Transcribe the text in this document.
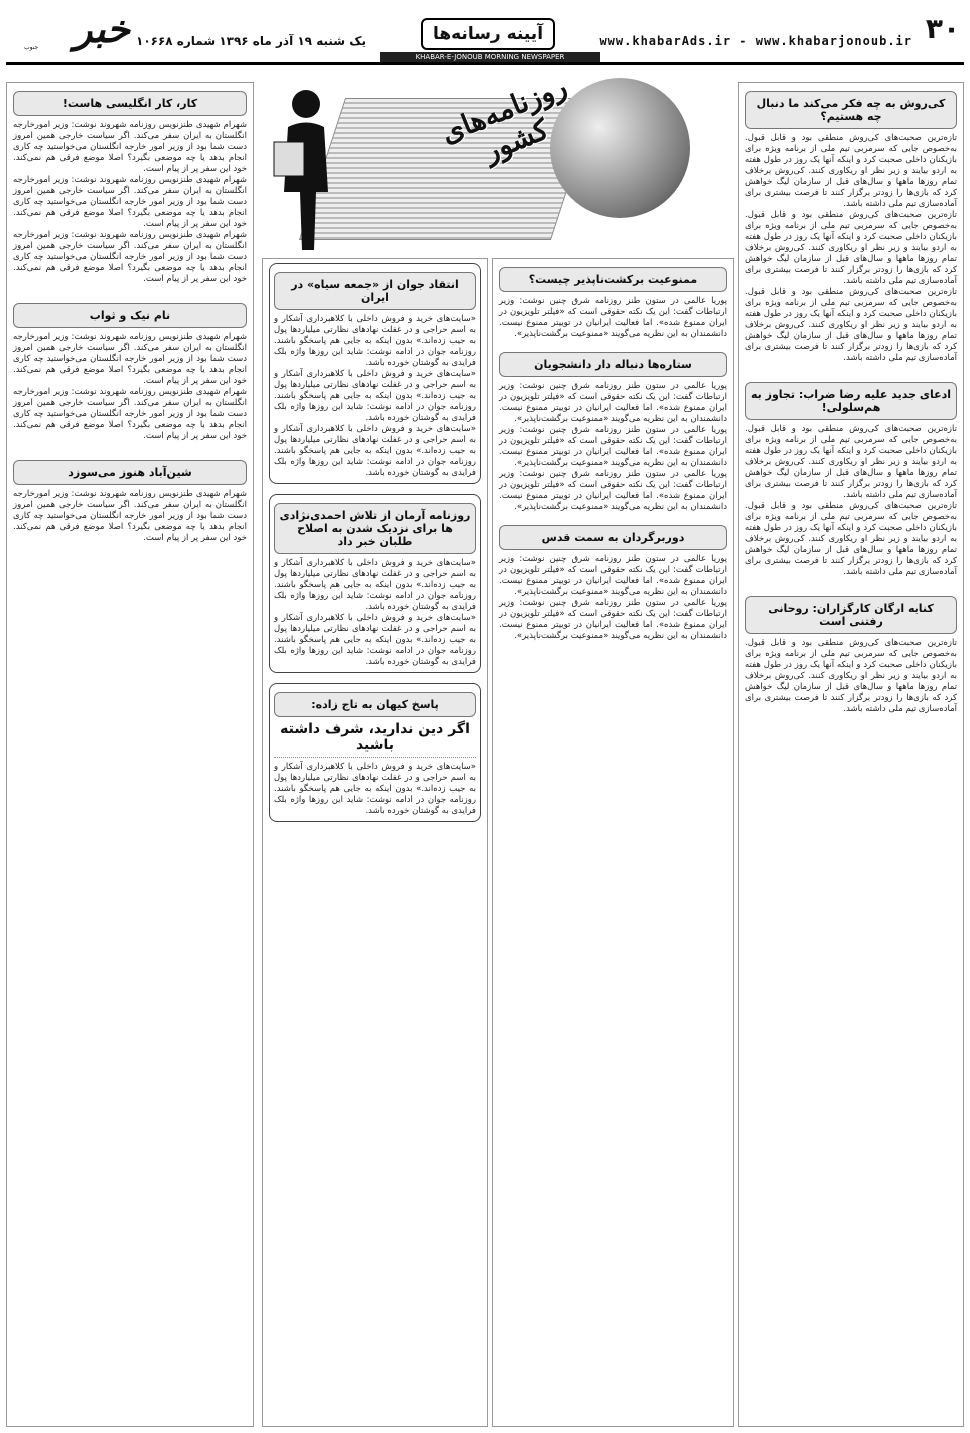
۳۰
www.khabarAds.ir - www.khabarjonoub.ir
آیینه رسانه‌ها
یک شنبه ۱۹ آذر ماه ۱۳۹۶ شماره ۱۰۶۶۸
خبر
جنوب
KHABAR-E-JONOUB MORNING NEWSPAPER
روزنامه‌های کشور
کی‌روش به چه فکر می‌کند ما دنبال چه هستیم؟
تازه‌ترین صحبت‌های کی‌روش منطقی بود و قابل قبول. به‌خصوص جایی که سرمربی تیم ملی از برنامه ویژه برای بازیکنان داخلی صحبت کرد و اینکه آنها یک روز در طول هفته به اردو بیایند و زیر نظر او ریکاوری کنند. کی‌روش برخلاف تمام روزها ماهها و سال‌های قبل از سازمان لیگ خواهش کرد که بازی‌ها را زودتر برگزار کنند تا فرصت بیشتری برای آماده‌سازی تیم ملی داشته باشد.
تازه‌ترین صحبت‌های کی‌روش منطقی بود و قابل قبول. به‌خصوص جایی که سرمربی تیم ملی از برنامه ویژه برای بازیکنان داخلی صحبت کرد و اینکه آنها یک روز در طول هفته به اردو بیایند و زیر نظر او ریکاوری کنند. کی‌روش برخلاف تمام روزها ماهها و سال‌های قبل از سازمان لیگ خواهش کرد که بازی‌ها را زودتر برگزار کنند تا فرصت بیشتری برای آماده‌سازی تیم ملی داشته باشد.
تازه‌ترین صحبت‌های کی‌روش منطقی بود و قابل قبول. به‌خصوص جایی که سرمربی تیم ملی از برنامه ویژه برای بازیکنان داخلی صحبت کرد و اینکه آنها یک روز در طول هفته به اردو بیایند و زیر نظر او ریکاوری کنند. کی‌روش برخلاف تمام روزها ماهها و سال‌های قبل از سازمان لیگ خواهش کرد که بازی‌ها را زودتر برگزار کنند تا فرصت بیشتری برای آماده‌سازی تیم ملی داشته باشد.
ادعای جدید علیه رضا ضراب: تجاوز به هم‌سلولی!
تازه‌ترین صحبت‌های کی‌روش منطقی بود و قابل قبول. به‌خصوص جایی که سرمربی تیم ملی از برنامه ویژه برای بازیکنان داخلی صحبت کرد و اینکه آنها یک روز در طول هفته به اردو بیایند و زیر نظر او ریکاوری کنند. کی‌روش برخلاف تمام روزها ماهها و سال‌های قبل از سازمان لیگ خواهش کرد که بازی‌ها را زودتر برگزار کنند تا فرصت بیشتری برای آماده‌سازی تیم ملی داشته باشد.
تازه‌ترین صحبت‌های کی‌روش منطقی بود و قابل قبول. به‌خصوص جایی که سرمربی تیم ملی از برنامه ویژه برای بازیکنان داخلی صحبت کرد و اینکه آنها یک روز در طول هفته به اردو بیایند و زیر نظر او ریکاوری کنند. کی‌روش برخلاف تمام روزها ماهها و سال‌های قبل از سازمان لیگ خواهش کرد که بازی‌ها را زودتر برگزار کنند تا فرصت بیشتری برای آماده‌سازی تیم ملی داشته باشد.
کنایه ارگان کارگزاران: روحانی رفتنی است
تازه‌ترین صحبت‌های کی‌روش منطقی بود و قابل قبول. به‌خصوص جایی که سرمربی تیم ملی از برنامه ویژه برای بازیکنان داخلی صحبت کرد و اینکه آنها یک روز در طول هفته به اردو بیایند و زیر نظر او ریکاوری کنند. کی‌روش برخلاف تمام روزها ماهها و سال‌های قبل از سازمان لیگ خواهش کرد که بازی‌ها را زودتر برگزار کنند تا فرصت بیشتری برای آماده‌سازی تیم ملی داشته باشد.
ممنوعیت برکشت‌ناپذیر چیست؟
پوریا عالمی در ستون طنز روزنامه شرق چنین نوشت: وزیر ارتباطات گفت: این یک نکته حقوقی است که «فیلتر تلویزیون در ایران ممنوع شده». اما فعالیت ایرانیان در توییتر ممنوع نیست. دانشمندان به این نظریه می‌گویند «ممنوعیت برگشت‌ناپذیر».
ستاره‌ها دنباله دار دانشجویان
پوریا عالمی در ستون طنز روزنامه شرق چنین نوشت: وزیر ارتباطات گفت: این یک نکته حقوقی است که «فیلتر تلویزیون در ایران ممنوع شده». اما فعالیت ایرانیان در توییتر ممنوع نیست. دانشمندان به این نظریه می‌گویند «ممنوعیت برگشت‌ناپذیر».
پوریا عالمی در ستون طنز روزنامه شرق چنین نوشت: وزیر ارتباطات گفت: این یک نکته حقوقی است که «فیلتر تلویزیون در ایران ممنوع شده». اما فعالیت ایرانیان در توییتر ممنوع نیست. دانشمندان به این نظریه می‌گویند «ممنوعیت برگشت‌ناپذیر».
پوریا عالمی در ستون طنز روزنامه شرق چنین نوشت: وزیر ارتباطات گفت: این یک نکته حقوقی است که «فیلتر تلویزیون در ایران ممنوع شده». اما فعالیت ایرانیان در توییتر ممنوع نیست. دانشمندان به این نظریه می‌گویند «ممنوعیت برگشت‌ناپذیر».
دوربرگردان به سمت قدس
پوریا عالمی در ستون طنز روزنامه شرق چنین نوشت: وزیر ارتباطات گفت: این یک نکته حقوقی است که «فیلتر تلویزیون در ایران ممنوع شده». اما فعالیت ایرانیان در توییتر ممنوع نیست. دانشمندان به این نظریه می‌گویند «ممنوعیت برگشت‌ناپذیر».
پوریا عالمی در ستون طنز روزنامه شرق چنین نوشت: وزیر ارتباطات گفت: این یک نکته حقوقی است که «فیلتر تلویزیون در ایران ممنوع شده». اما فعالیت ایرانیان در توییتر ممنوع نیست. دانشمندان به این نظریه می‌گویند «ممنوعیت برگشت‌ناپذیر».
انتقاد جوان از «جمعه سیاه» در ایران
«سایت‌های خرید و فروش داخلی با کلاهبرداری آشکار و به اسم حراجی و در غفلت نهادهای نظارتی میلیاردها پول به جیب زده‌اند.» بدون اینکه به جایی هم پاسخگو باشند. روزنامه جوان در ادامه نوشت: شاید این روزها واژه بلک فرایدی به گوشتان خورده باشد.
«سایت‌های خرید و فروش داخلی با کلاهبرداری آشکار و به اسم حراجی و در غفلت نهادهای نظارتی میلیاردها پول به جیب زده‌اند.» بدون اینکه به جایی هم پاسخگو باشند. روزنامه جوان در ادامه نوشت: شاید این روزها واژه بلک فرایدی به گوشتان خورده باشد.
«سایت‌های خرید و فروش داخلی با کلاهبرداری آشکار و به اسم حراجی و در غفلت نهادهای نظارتی میلیاردها پول به جیب زده‌اند.» بدون اینکه به جایی هم پاسخگو باشند. روزنامه جوان در ادامه نوشت: شاید این روزها واژه بلک فرایدی به گوشتان خورده باشد.
روزنامه آرمان از تلاش احمدی‌نژادی ها برای نزدیک شدن به اصلاح طلبان خبر داد
«سایت‌های خرید و فروش داخلی با کلاهبرداری آشکار و به اسم حراجی و در غفلت نهادهای نظارتی میلیاردها پول به جیب زده‌اند.» بدون اینکه به جایی هم پاسخگو باشند. روزنامه جوان در ادامه نوشت: شاید این روزها واژه بلک فرایدی به گوشتان خورده باشد.
«سایت‌های خرید و فروش داخلی با کلاهبرداری آشکار و به اسم حراجی و در غفلت نهادهای نظارتی میلیاردها پول به جیب زده‌اند.» بدون اینکه به جایی هم پاسخگو باشند. روزنامه جوان در ادامه نوشت: شاید این روزها واژه بلک فرایدی به گوشتان خورده باشد.
پاسخ کیهان به تاج زاده:
اگر دین ندارید، شرف داشته باشید
«سایت‌های خرید و فروش داخلی با کلاهبرداری آشکار و به اسم حراجی و در غفلت نهادهای نظارتی میلیاردها پول به جیب زده‌اند.» بدون اینکه به جایی هم پاسخگو باشند. روزنامه جوان در ادامه نوشت: شاید این روزها واژه بلک فرایدی به گوشتان خورده باشد.
کار، کار انگلیسی هاست!
شهرام شهیدی طنزنویس روزنامه شهروند نوشت: وزیر امورخارجه انگلستان به ایران سفر می‌کند. اگر سیاست خارجی همین امروز دست شما بود از وزیر امور خارجه انگلستان می‌خواستید چه کاری انجام بدهد یا چه موضعی بگیرد؟ اصلا موضع فرقی هم نمی‌کند. خود این سفر پر از پیام است.
شهرام شهیدی طنزنویس روزنامه شهروند نوشت: وزیر امورخارجه انگلستان به ایران سفر می‌کند. اگر سیاست خارجی همین امروز دست شما بود از وزیر امور خارجه انگلستان می‌خواستید چه کاری انجام بدهد یا چه موضعی بگیرد؟ اصلا موضع فرقی هم نمی‌کند. خود این سفر پر از پیام است.
شهرام شهیدی طنزنویس روزنامه شهروند نوشت: وزیر امورخارجه انگلستان به ایران سفر می‌کند. اگر سیاست خارجی همین امروز دست شما بود از وزیر امور خارجه انگلستان می‌خواستید چه کاری انجام بدهد یا چه موضعی بگیرد؟ اصلا موضع فرقی هم نمی‌کند. خود این سفر پر از پیام است.
نام نیک و ثواب
شهرام شهیدی طنزنویس روزنامه شهروند نوشت: وزیر امورخارجه انگلستان به ایران سفر می‌کند. اگر سیاست خارجی همین امروز دست شما بود از وزیر امور خارجه انگلستان می‌خواستید چه کاری انجام بدهد یا چه موضعی بگیرد؟ اصلا موضع فرقی هم نمی‌کند. خود این سفر پر از پیام است.
شهرام شهیدی طنزنویس روزنامه شهروند نوشت: وزیر امورخارجه انگلستان به ایران سفر می‌کند. اگر سیاست خارجی همین امروز دست شما بود از وزیر امور خارجه انگلستان می‌خواستید چه کاری انجام بدهد یا چه موضعی بگیرد؟ اصلا موضع فرقی هم نمی‌کند. خود این سفر پر از پیام است.
شین‌آباد هنوز می‌سوزد
شهرام شهیدی طنزنویس روزنامه شهروند نوشت: وزیر امورخارجه انگلستان به ایران سفر می‌کند. اگر سیاست خارجی همین امروز دست شما بود از وزیر امور خارجه انگلستان می‌خواستید چه کاری انجام بدهد یا چه موضعی بگیرد؟ اصلا موضع فرقی هم نمی‌کند. خود این سفر پر از پیام است.
